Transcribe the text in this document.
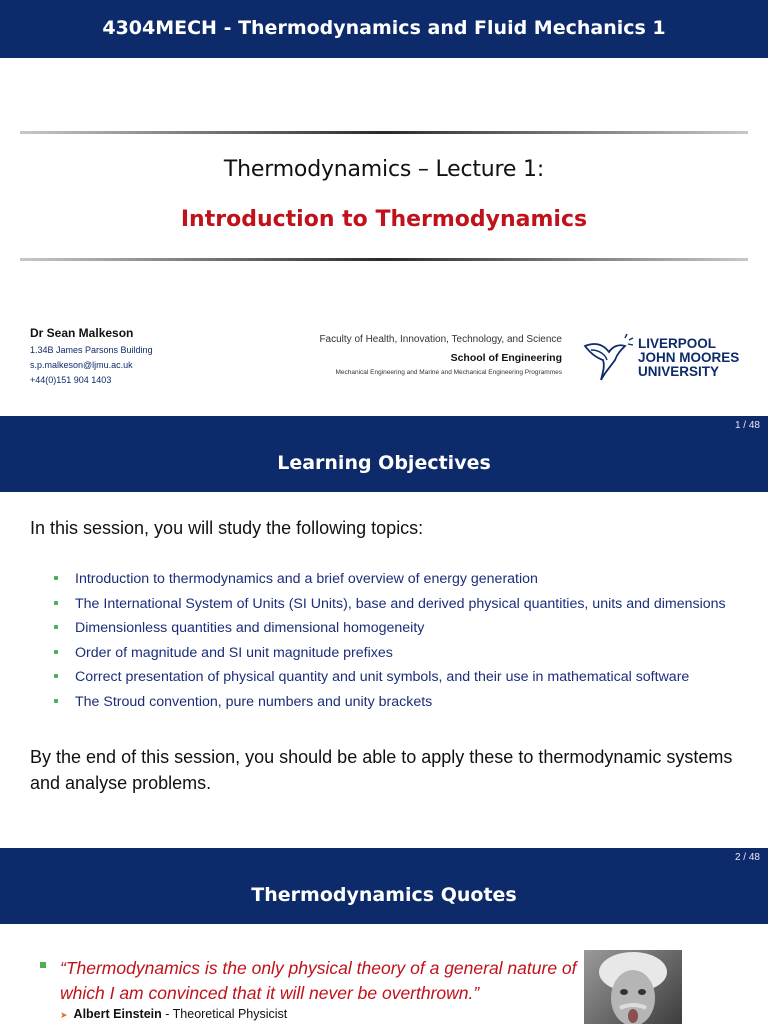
4304MECH - Thermodynamics and Fluid Mechanics 1
Thermodynamics – Lecture 1:
Introduction to Thermodynamics
Dr Sean Malkeson
1.34B James Parsons Building
s.p.malkeson@ljmu.ac.uk
+44(0)151 904 1403
Faculty of Health, Innovation, Technology, and Science
School of Engineering
Mechanical Engineering and Marine and Mechanical Engineering Programmes
LIVERPOOL
JOHN MOORES
UNIVERSITY
1 / 48
Learning Objectives
In this session, you will study the following topics:
Introduction to thermodynamics and a brief overview of energy generation
The International System of Units (SI Units), base and derived physical quantities, units and dimensions
Dimensionless quantities and dimensional homogeneity
Order of magnitude and SI unit magnitude prefixes
Correct presentation of physical quantity and unit symbols, and their use in mathematical software
The Stroud convention, pure numbers and unity brackets
By the end of this session, you should be able to apply these to thermodynamic systems and analyse problems.
2 / 48
Thermodynamics Quotes
“Thermodynamics is the only physical theory of a general nature of which I am convinced that it will never be overthrown.”
➤ Albert Einstein - Theoretical Physicist
